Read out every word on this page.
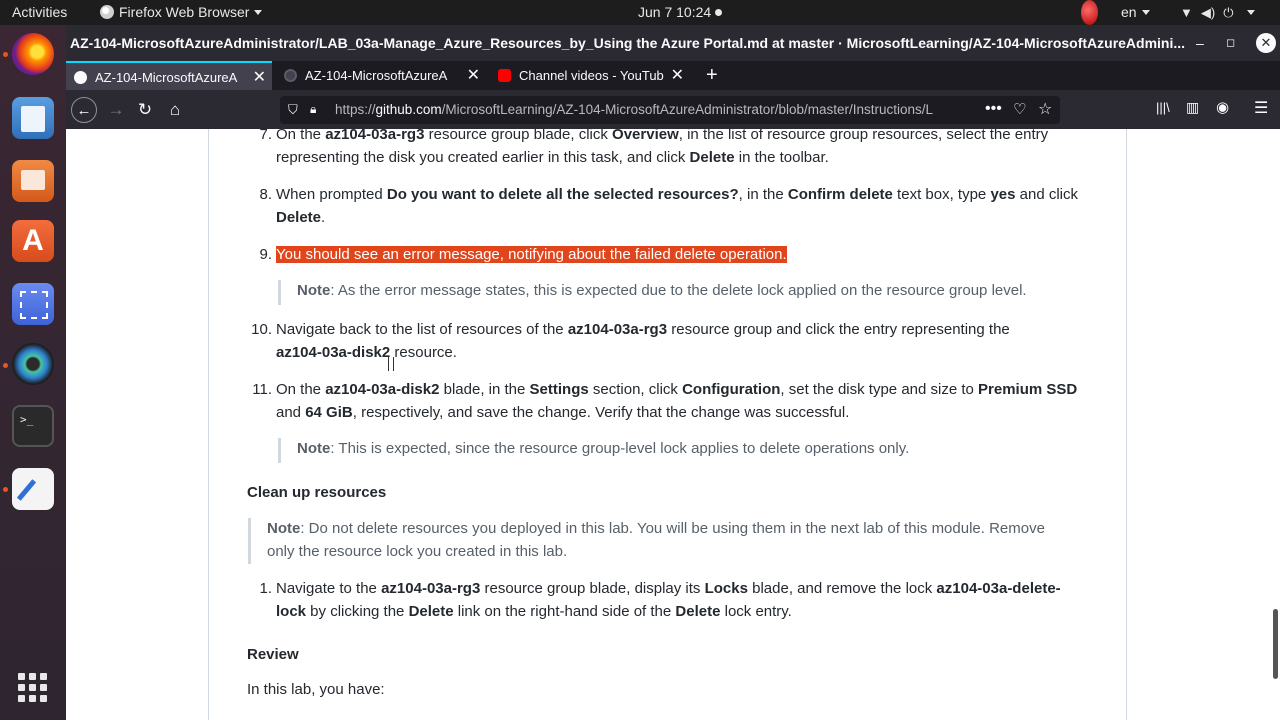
Activities	Firefox Web Browser	Jun 7 10:24	en	▼ ◀) ⏻
A
>_
AZ-104-MicrosoftAzureAdministrator/LAB_03a-Manage_Azure_Resources_by_Using the Azure Portal.md at master · MicrosoftLearning/AZ-104-MicrosoftAzureAdmini... – ◻	✕
AZ-104-MicrosoftAzureA ✕	AZ-104-MicrosoftAzureA	✕	Channel videos - YouTub ✕ +
← → ↻	⌂	⛉ 🔒︎ https://github.com/MicrosoftLearning/AZ-104-MicrosoftAzureAdministrator/blob/master/Instructions/L	••• ♡ ☆	|||\ ▥ ◉ ☰
7. On the az104-03a-rg3 resource group blade, click Overview, in the list of resource group resources, select the entry
representing the disk you created earlier in this task, and click Delete in the toolbar.
8. When prompted Do you want to delete all the selected resources?, in the Confirm delete text box, type yes and click
Delete.
9. You should see an error message, notifying about the failed delete operation.
Note: As the error message states, this is expected due to the delete lock applied on the resource group level.
10. Navigate back to the list of resources of the az104-03a-rg3 resource group and click the entry representing the
az104-03a-disk2 resource.
11. On the az104-03a-disk2 blade, in the Settings section, click Configuration, set the disk type and size to Premium SSD
and 64 GiB, respectively, and save the change. Verify that the change was successful.
Note: This is expected, since the resource group-level lock applies to delete operations only.
Clean up resources
Note: Do not delete resources you deployed in this lab. You will be using them in the next lab of this module. Remove
only the resource lock you created in this lab.
1. Navigate to the az104-03a-rg3 resource group blade, display its Locks blade, and remove the lock az104-03a-delete-
lock by clicking the Delete link on the right-hand side of the Delete lock entry.
Review
In this lab, you have:
